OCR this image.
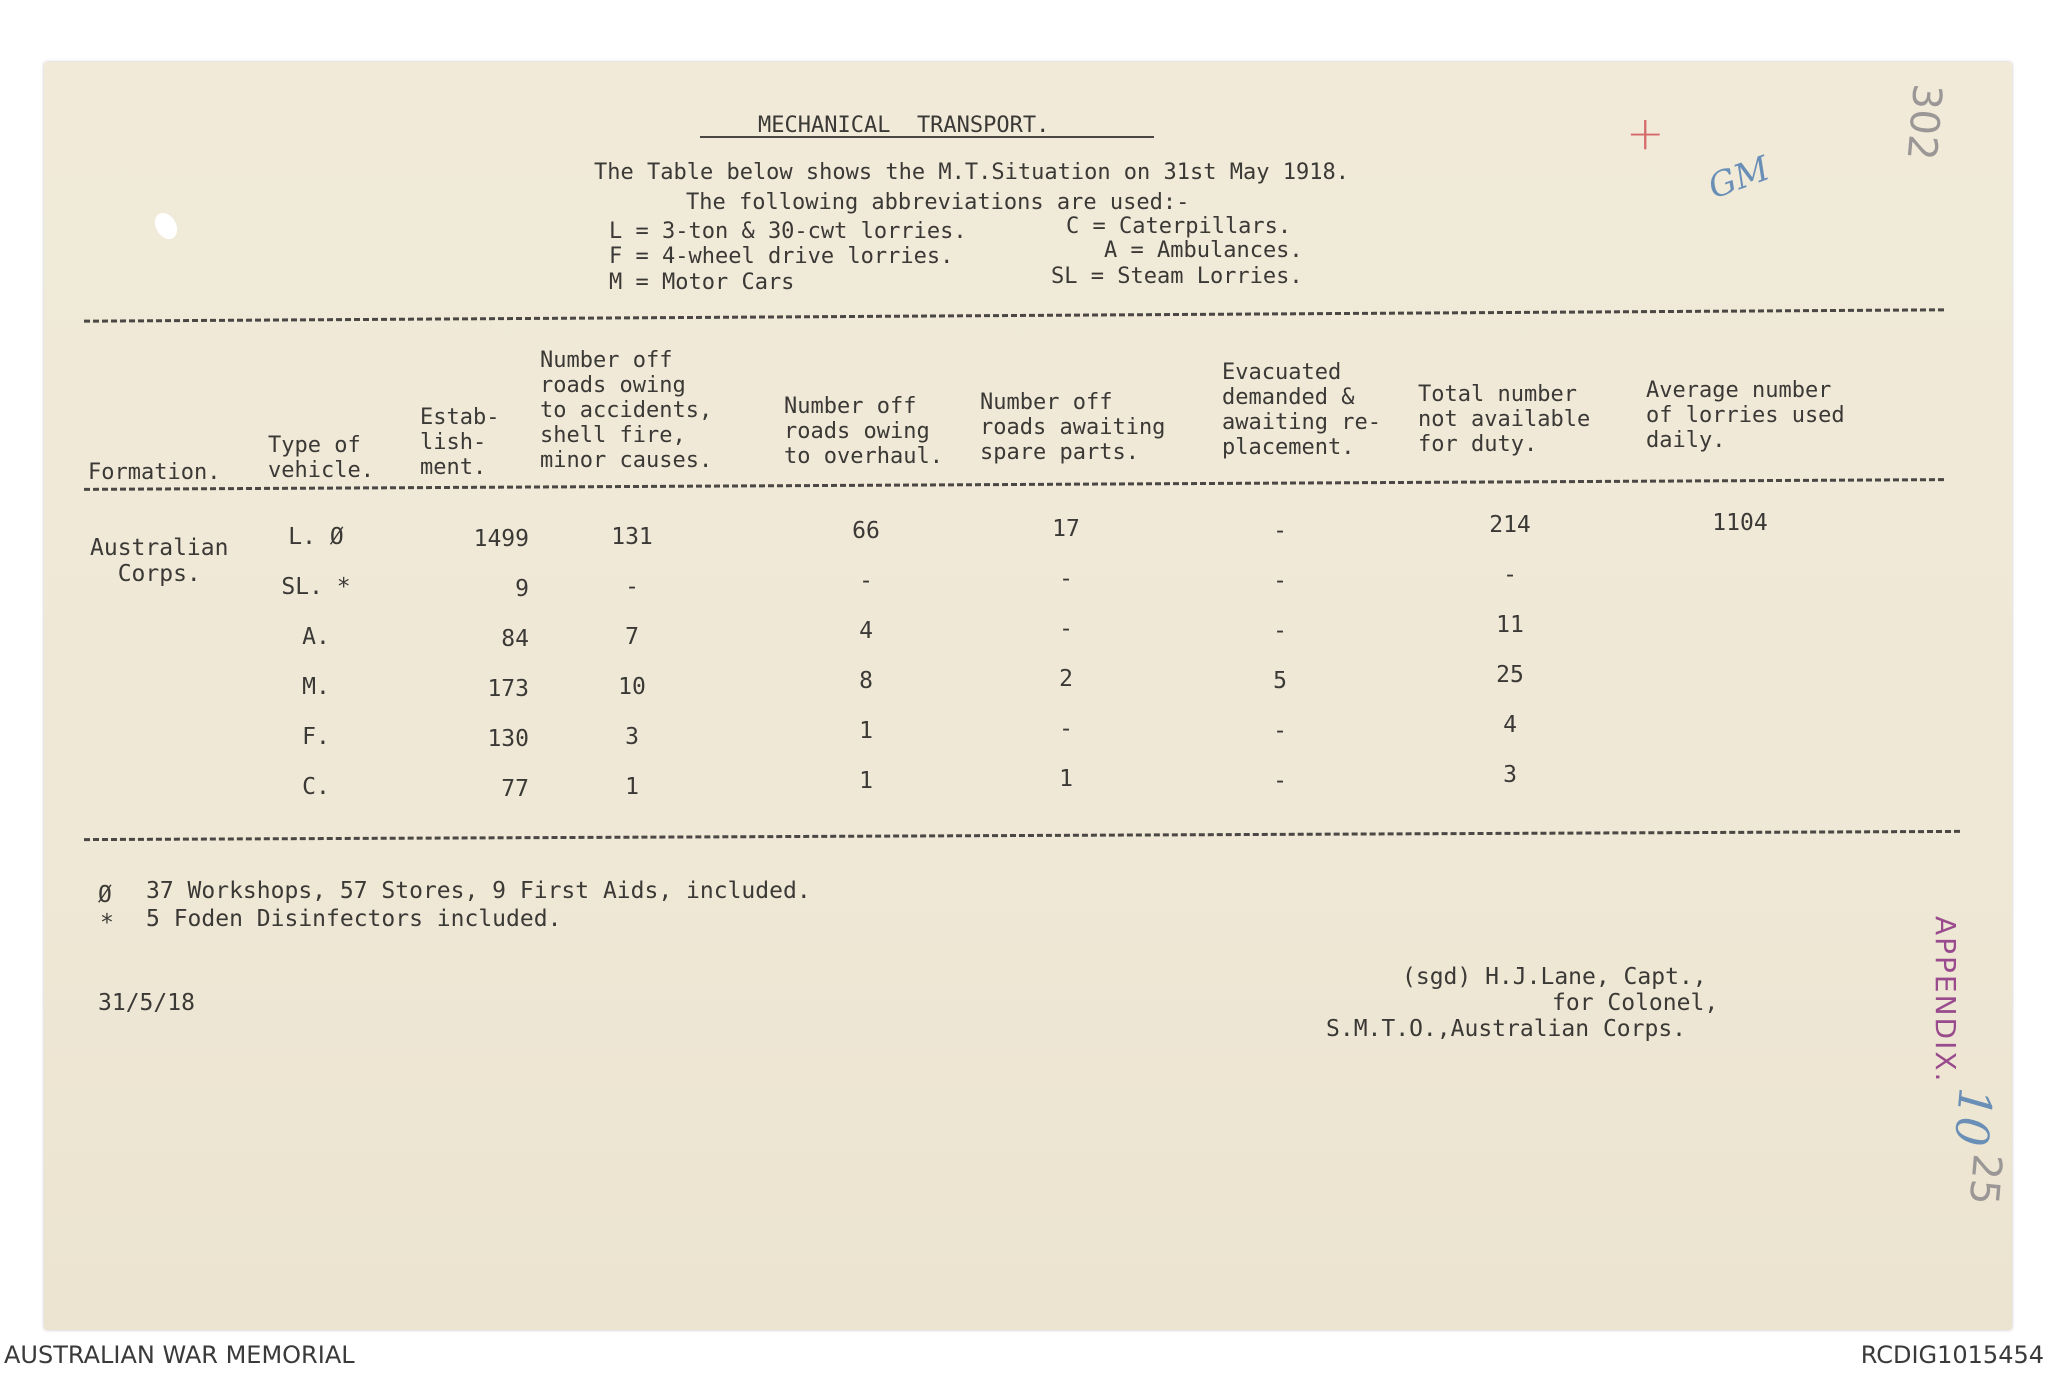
MECHANICAL  TRANSPORT.
The Table below shows the M.T.Situation on 31st May 1918.
The following abbreviations are used:-
L = 3-ton & 30-cwt lorries.
F = 4-wheel drive lorries.
M = Motor Cars
C = Caterpillars.
A = Ambulances.
SL = Steam Lorries.
Formation.
Type of
vehicle.
Estab-
lish-
ment.
Number off
roads owing
to accidents,
shell fire,
minor causes.
Number off
roads owing
to overhaul.
Number off
roads awaiting
spare parts.
Evacuated
demanded &
awaiting re-
placement.
Total number
not available
for duty.
Average number
of lorries used
daily.
Australian
Corps.
L. Ø	1499	131	66	17	-	214	1104
SL. *	9	-	-	-	-	-
A.	84	7	4	-	-	11
M.	173	10	8	2	5	25
F.	130	3	1	-	-	4
C.	77	1	1	1	-	3
Ø 37 Workshops, 57 Stores, 9 First Aids, included.
* 5 Foden Disinfectors included.
31/5/18
(sgd) H.J.Lane, Capt.,
for Colonel,
S.M.T.O.,Australian Corps.	APPENDIX.
10
302
25
GM
+
AUSTRALIAN WAR MEMORIAL	RCDIG1015454
